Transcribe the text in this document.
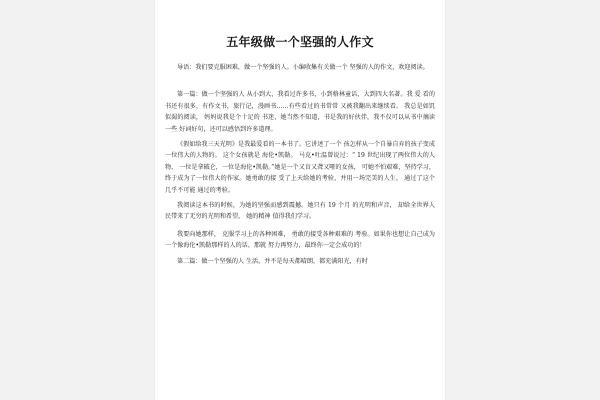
五年级做一个坚强的人作文

导语：我们要克服困难，做一个坚强的人。小编收集有关做一个 坚强的人的作文，欢迎阅读。

第一篇：做一个坚强的人 从小到大，我看过许多书，小到格林童话，大到四大名著。我 爱 看的书还有很多，有作文书，旅行记，漫画书……有些看过的书常常 又被我翻出来继续看。 我总是如饥似渴的阅读， 妈妈说我是个十足的 书迷，她当然不知道，书是我的好伙伴，我不仅可以从书中摘读一些 好词好句，还可以感悟到许多道理。

《假如给我三天光明》是我最爱看的一本书了。它讲述了一个 孩怎样从一个自暴自弃的孩子变成一位伟大的人物的。 这个女孩就是 海伦•凯勒。 马克•吐温曾说过：“ 19 世纪出现了两位伟大的人物， 一位是拿破仑，一位是海伦•凯勒。”她是一个又盲又聋又哑的女孩， 可她不怕艰难，坚持学习，终于成为了一位伟大的作家。她勇敢的接 受了上天给她的考验，并用一场完美的人生， 通过了这个几乎不可能 通过的考验。

我阅读这本书的时候，为她的坚强而感到震撼。她只有 19 个月 的光明和声音， 却给全世界人民带来了无穷的光明和希望， 她的精神 值得我们学习。

我要向她那样， 克服学习上的各种困难， 勇敢的接受各种艰难的 考验。如果你也想让自己成为一个像海伦•凯勒那样的人的话，那就 努力再努力，最终你一定会成功的！

第二篇：做一个坚强的人 生活，并不是每天都晴朗，都充满阳光，有时
